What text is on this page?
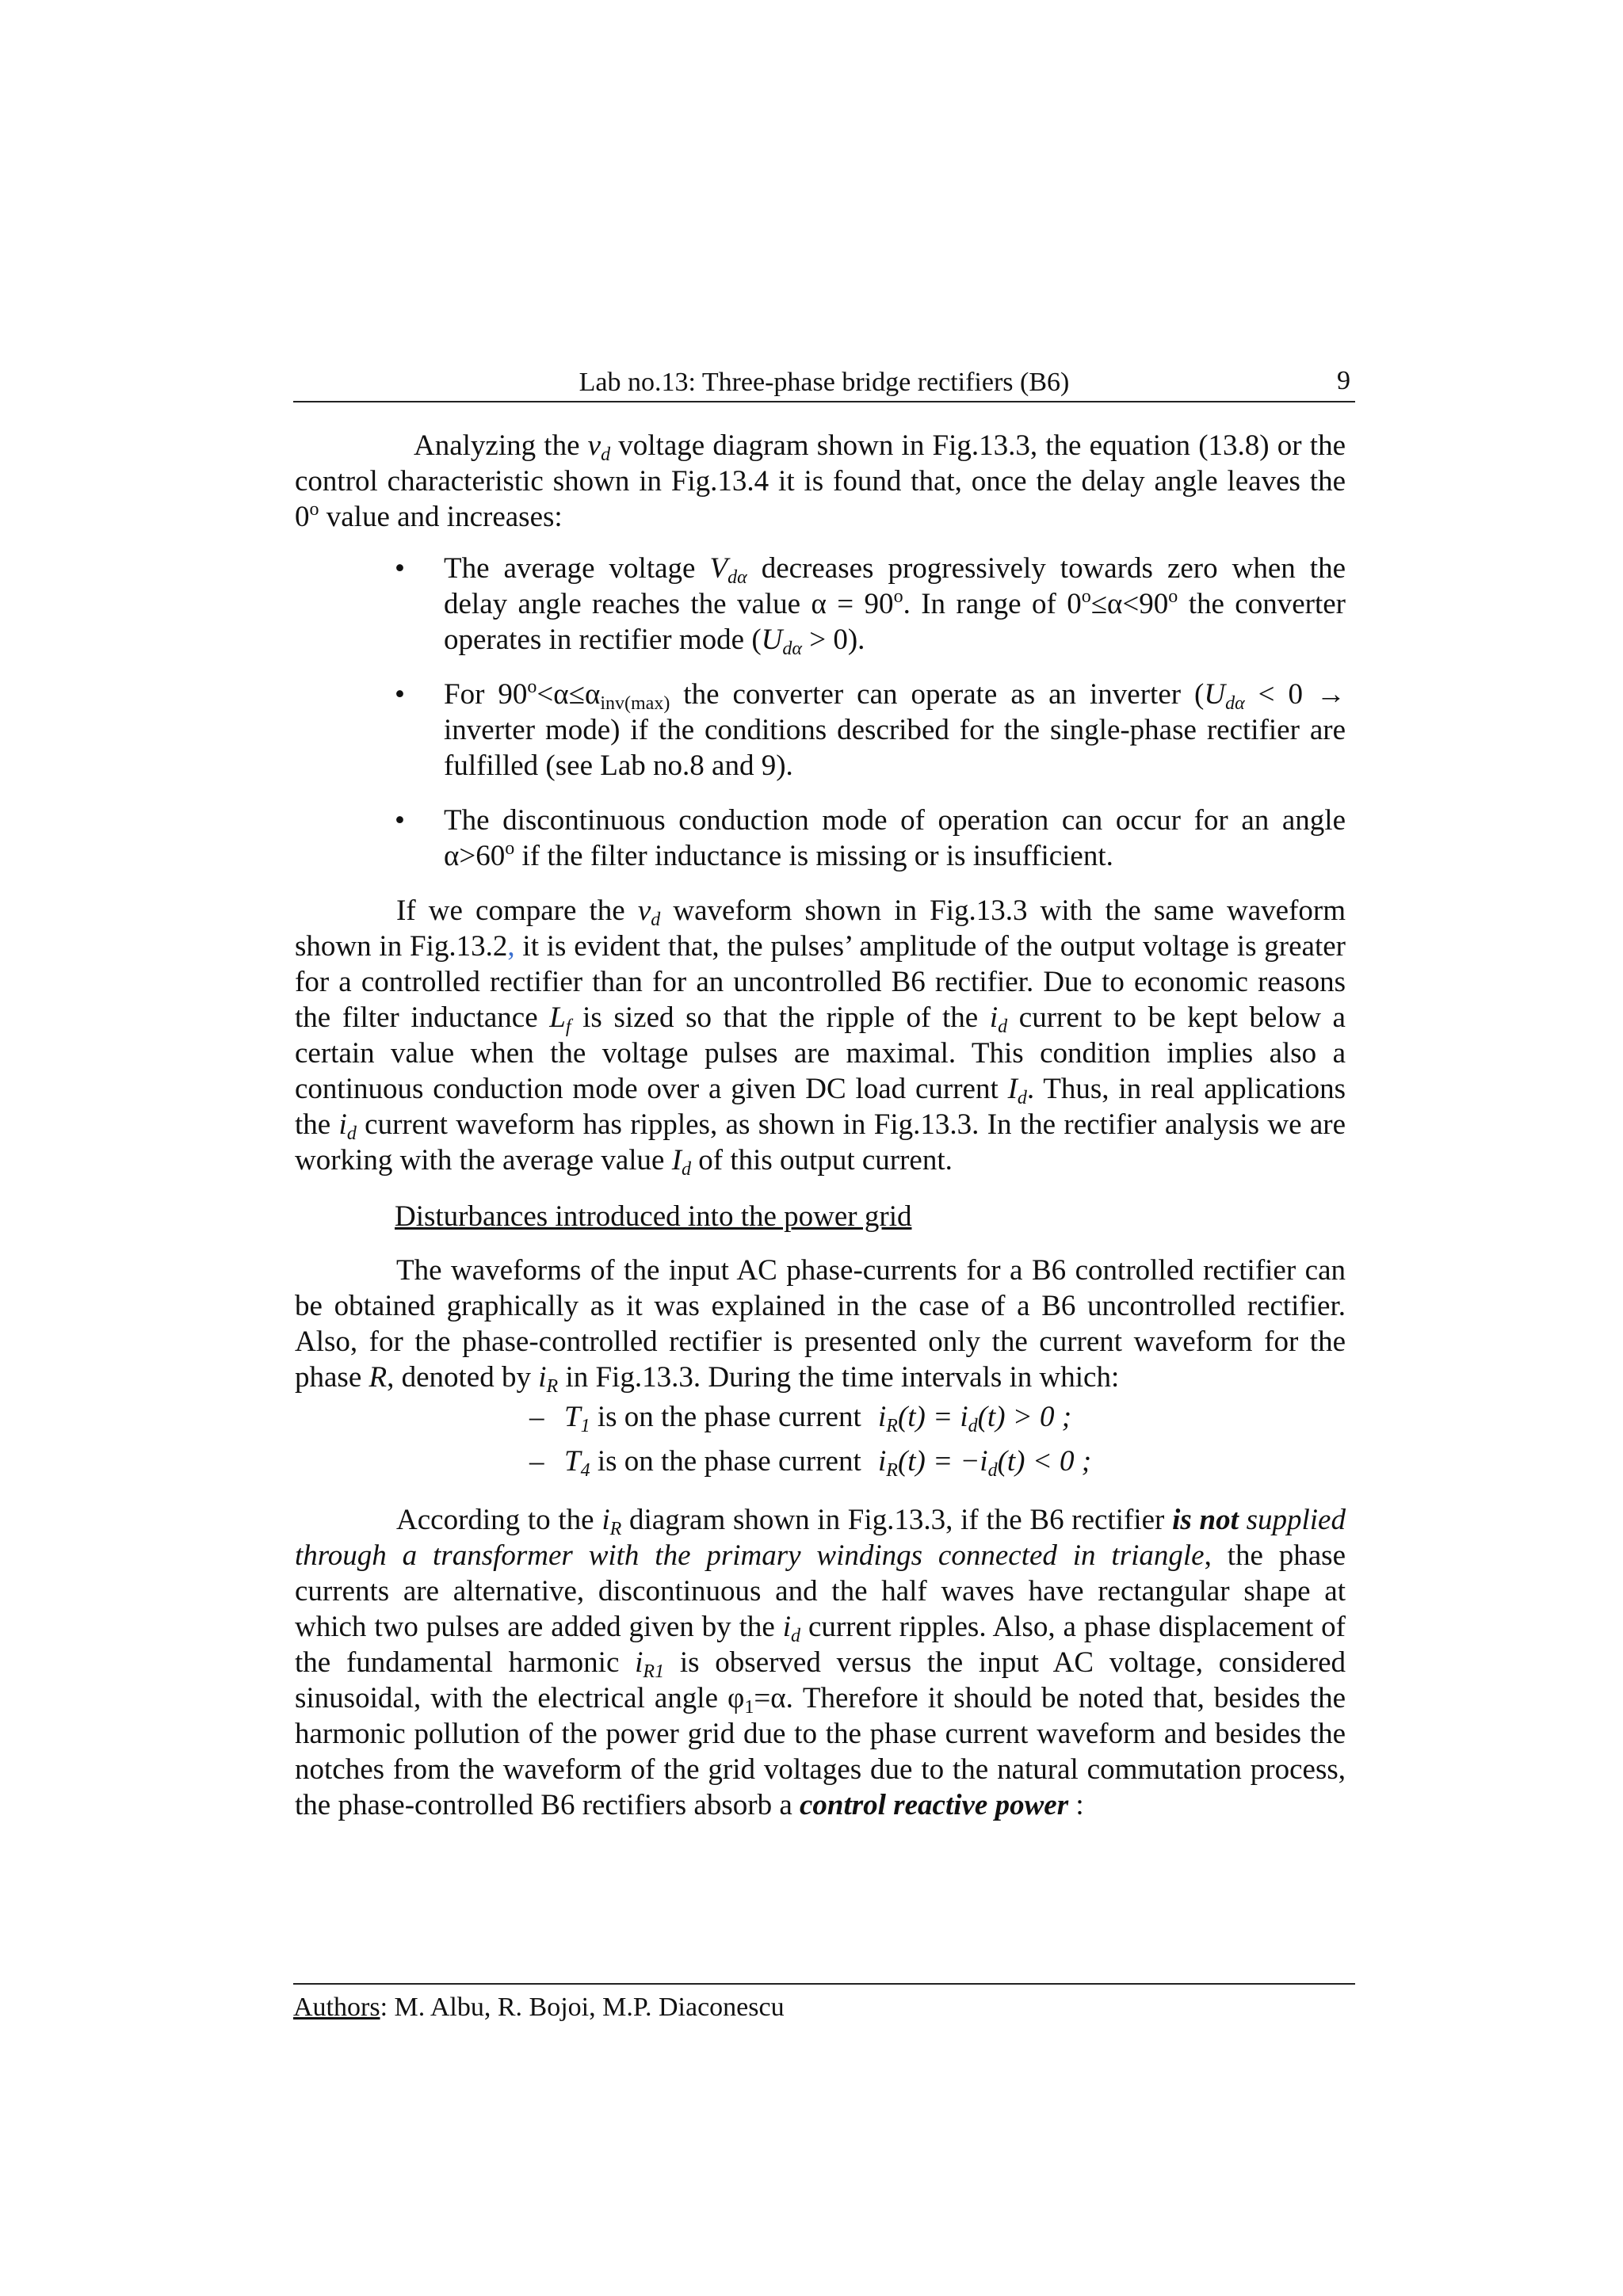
Lab no.13: Three-phase bridge rectifiers (B6)	9

Analyzing the $v_d$ voltage diagram shown in Fig.13.3, the equation (13.8) or the control characteristic shown in Fig.13.4 it is found that, once the delay angle leaves the 0$^o$ value and increases:

• The average voltage $V_{d\alpha}$ decreases progressively towards zero when the delay angle reaches the value $\alpha = 90^o$. In range of $0^o\le\alpha<90^o$ the converter operates in rectifier mode $(U_{d\alpha} > 0)$.
• For $90^o<\alpha\le\alpha_{inv(max)}$ the converter can operate as an inverter ($U_{d\alpha} < 0$ → inverter mode) if the conditions described for the single-phase rectifier are fulfilled (see Lab no.8 and 9).
• The discontinuous conduction mode of operation can occur for an angle $\alpha>60^o$ if the filter inductance is missing or is insufficient.

If we compare the $v_d$ waveform shown in Fig.13.3 with the same waveform shown in Fig.13.2, it is evident that, the pulses’ amplitude of the output voltage is greater for a controlled rectifier than for an uncontrolled B6 rectifier. Due to economic reasons the filter inductance $L_f$ is sized so that the ripple of the $i_d$ current to be kept below a certain value when the voltage pulses are maximal. This condition implies also a continuous conduction mode over a given DC load current $I_d$. Thus, in real applications the $i_d$ current waveform has ripples, as shown in Fig.13.3. In the rectifier analysis we are working with the average value $I_d$ of this output current.

Disturbances introduced into the power grid

The waveforms of the input AC phase-currents for a B6 controlled rectifier can be obtained graphically as it was explained in the case of a B6 uncontrolled rectifier. Also, for the phase-controlled rectifier is presented only the current waveform for the phase R, denoted by $i_R$ in Fig.13.3. During the time intervals in which:

– $T_1$ is on the phase current $i_R(t) = i_d(t) > 0$ ;
– $T_4$ is on the phase current $i_R(t) = -i_d(t) < 0$ ;

According to the $i_R$ diagram shown in Fig.13.3, if the B6 rectifier is not supplied through a transformer with the primary windings connected in triangle, the phase currents are alternative, discontinuous and the half waves have rectangular shape at which two pulses are added given by the $i_d$ current ripples. Also, a phase displacement of the fundamental harmonic $i_{R1}$ is observed versus the input AC voltage, considered sinusoidal, with the electrical angle $\varphi_1=\alpha$. Therefore it should be noted that, besides the harmonic pollution of the power grid due to the phase current waveform and besides the notches from the waveform of the grid voltages due to the natural commutation process, the phase-controlled B6 rectifiers absorb a control reactive power :

Authors: M. Albu, R. Bojoi, M.P. Diaconescu
